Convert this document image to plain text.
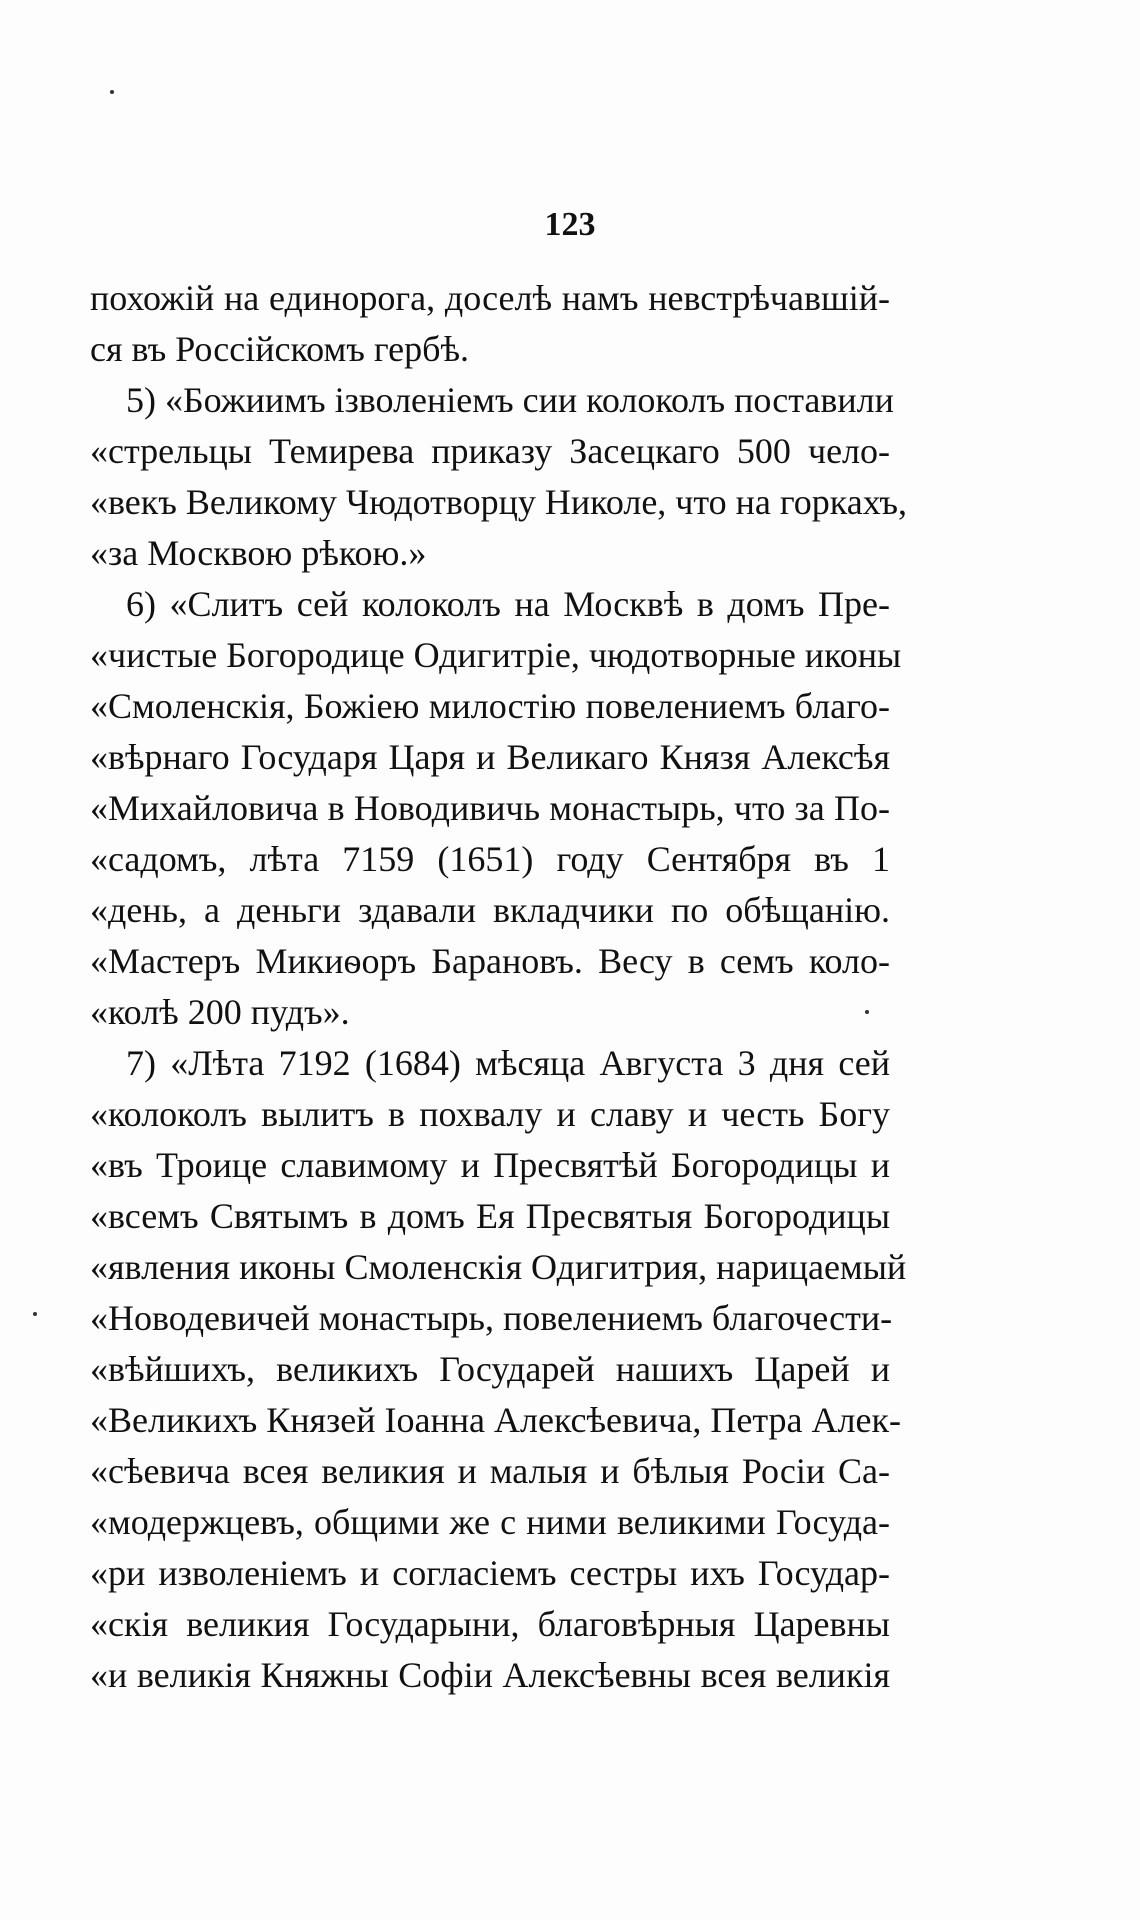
123
похожій на единорога, доселѣ намъ невстрѣчавшій-
ся въ Россійскомъ гербѣ.
5) «Божиимъ ізволеніемъ сии колоколъ поставили
«стрельцы Темирева приказу Засецкаго 500 чело-
«векъ Великому Чюдотворцу Николе, что на горкахъ,
«за Москвою рѣкою.»
6) «Слитъ сей колоколъ на Москвѣ в домъ Пре-
«чистые Богородице Одигитріе, чюдотворные иконы
«Смоленскія, Божіею милостію повелениемъ благо-
«вѣрнаго Государя Царя и Великаго Князя Алексѣя
«Михайловича в Новодивичь монастырь, что за По-
«садомъ, лѣта 7159 (1651) году Сентября въ 1
«день, а деньги здавали вкладчики по обѣщанію.
«Мастеръ Микиѳоръ Барановъ. Весу в семъ коло-
«колѣ 200 пудъ».
7) «Лѣта 7192 (1684) мѣсяца Августа 3 дня сей
«колоколъ вылитъ в похвалу и славу и честь Богу
«въ Троице славимому и Пресвятѣй Богородицы и
«всемъ Святымъ в домъ Ея Пресвятыя Богородицы
«явления иконы Смоленскія Одигитрия, нарицаемый
«Новодевичей монастырь, повелениемъ благочести-
«вѣйшихъ, великихъ Государей нашихъ Царей и
«Великихъ Князей Іоанна Алексѣевича, Петра Алек-
«сѣевича всея великия и малыя и бѣлыя Росіи Са-
«модержцевъ, общими же с ними великими Госуда-
«ри изволеніемъ и согласіемъ сестры ихъ Государ-
«скія великия Государыни, благовѣрныя Царевны
«и великія Княжны Софіи Алексѣевны всея великія
